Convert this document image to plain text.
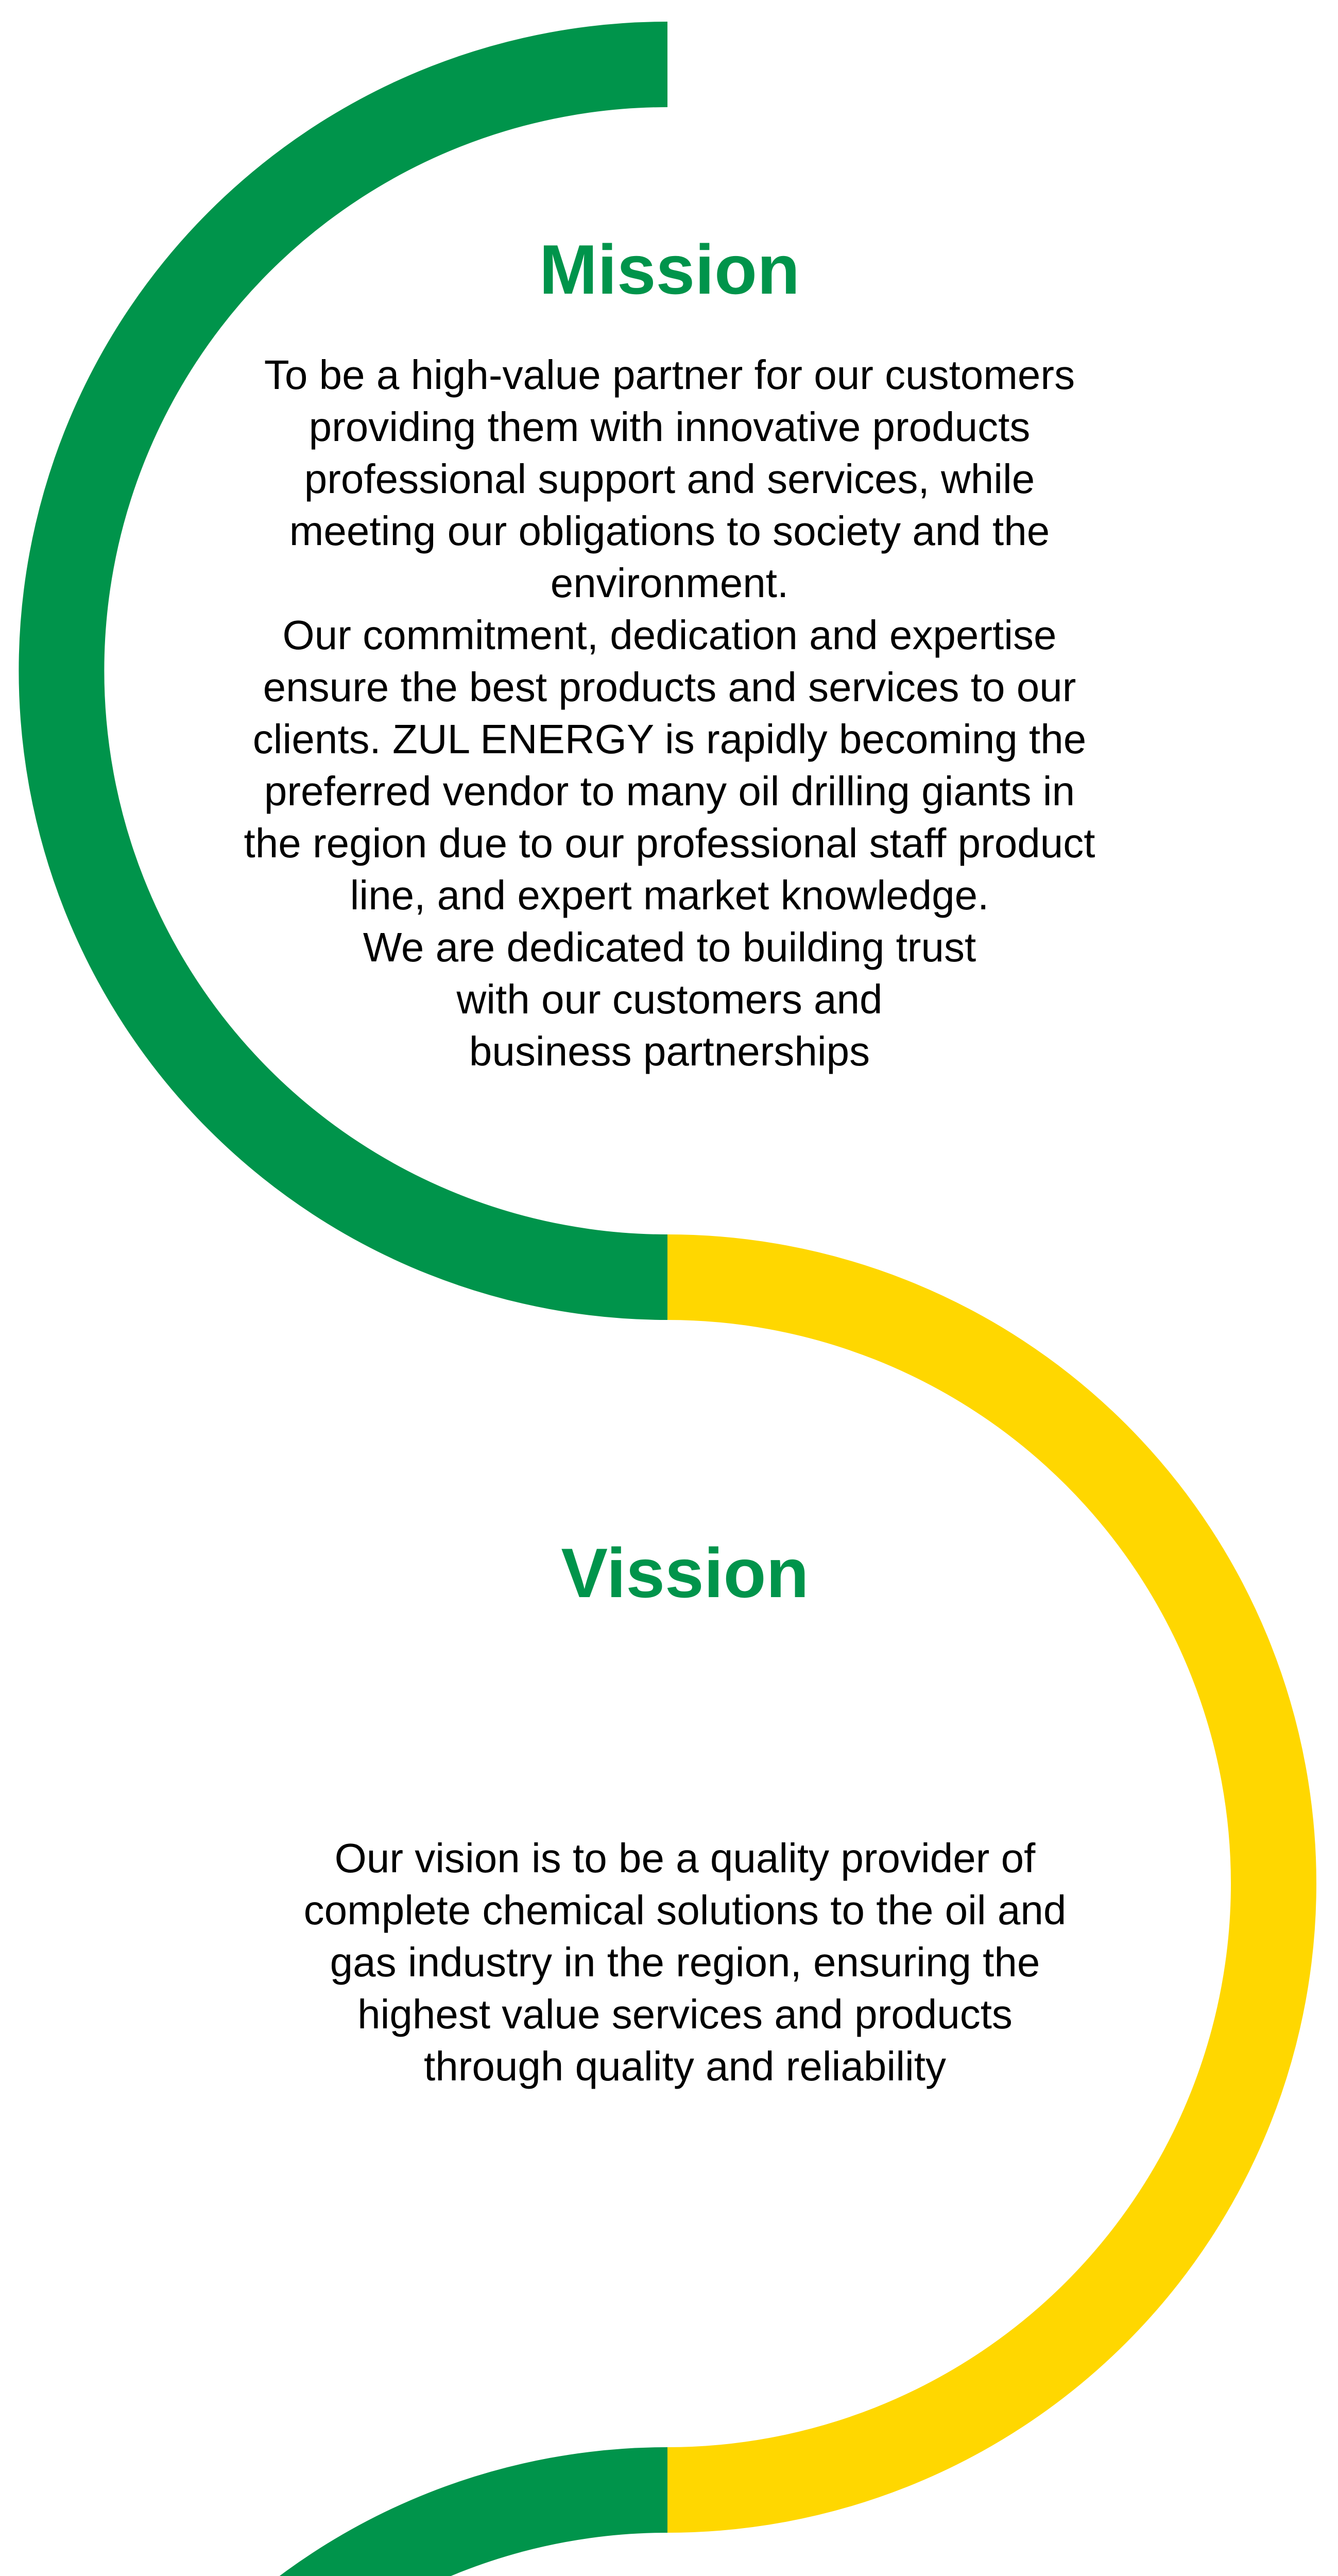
Mission
To be a high-value partner for our customers
providing them with innovative products
professional support and services, while
meeting our obligations to society and the
environment.
Our commitment, dedication and expertise
ensure the best products and services to our
clients. ZUL ENERGY is rapidly becoming the
preferred vendor to many oil drilling giants in
the region due to our professional staff product
line, and expert market knowledge.
We are dedicated to building trust
with our customers and
business partnerships
Vission
Our vision is to be a quality provider of
complete chemical solutions to the oil and
gas industry in the region, ensuring the
highest value services and products
through quality and reliability
